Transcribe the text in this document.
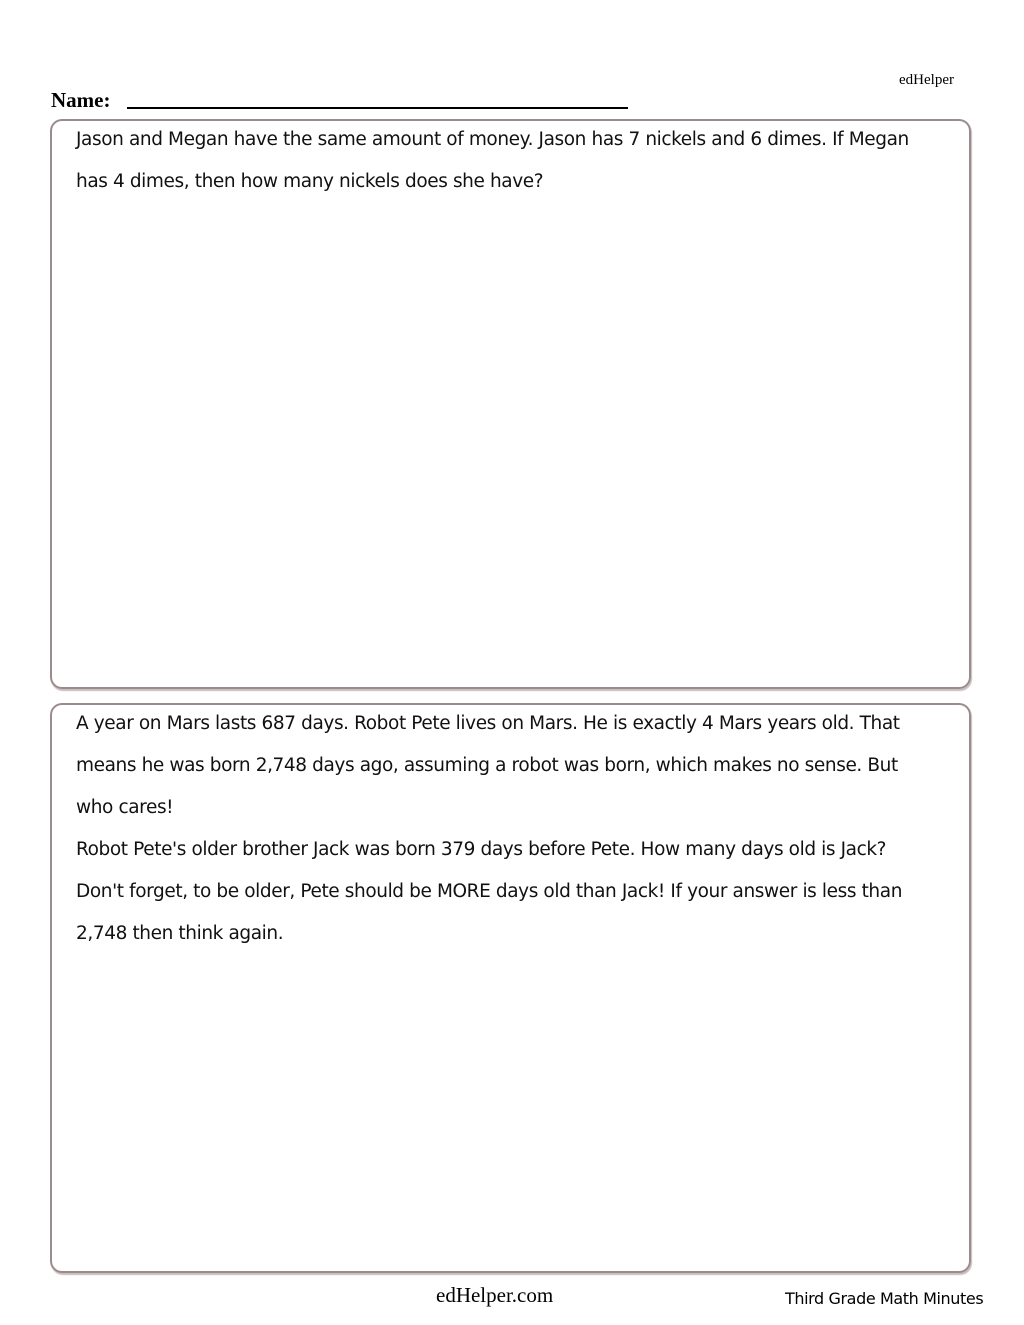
edHelper
Name:

Jason and Megan have the same amount of money. Jason has 7 nickels and 6 dimes. If Megan has 4 dimes, then how many nickels does she have?

A year on Mars lasts 687 days. Robot Pete lives on Mars. He is exactly 4 Mars years old. That means he was born 2,748 days ago, assuming a robot was born, which makes no sense. But who cares!

Robot Pete's older brother Jack was born 379 days before Pete. How many days old is Jack? Don't forget, to be older, Pete should be MORE days old than Jack! If your answer is less than 2,748 then think again.

edHelper.com	Third Grade Math Minutes
